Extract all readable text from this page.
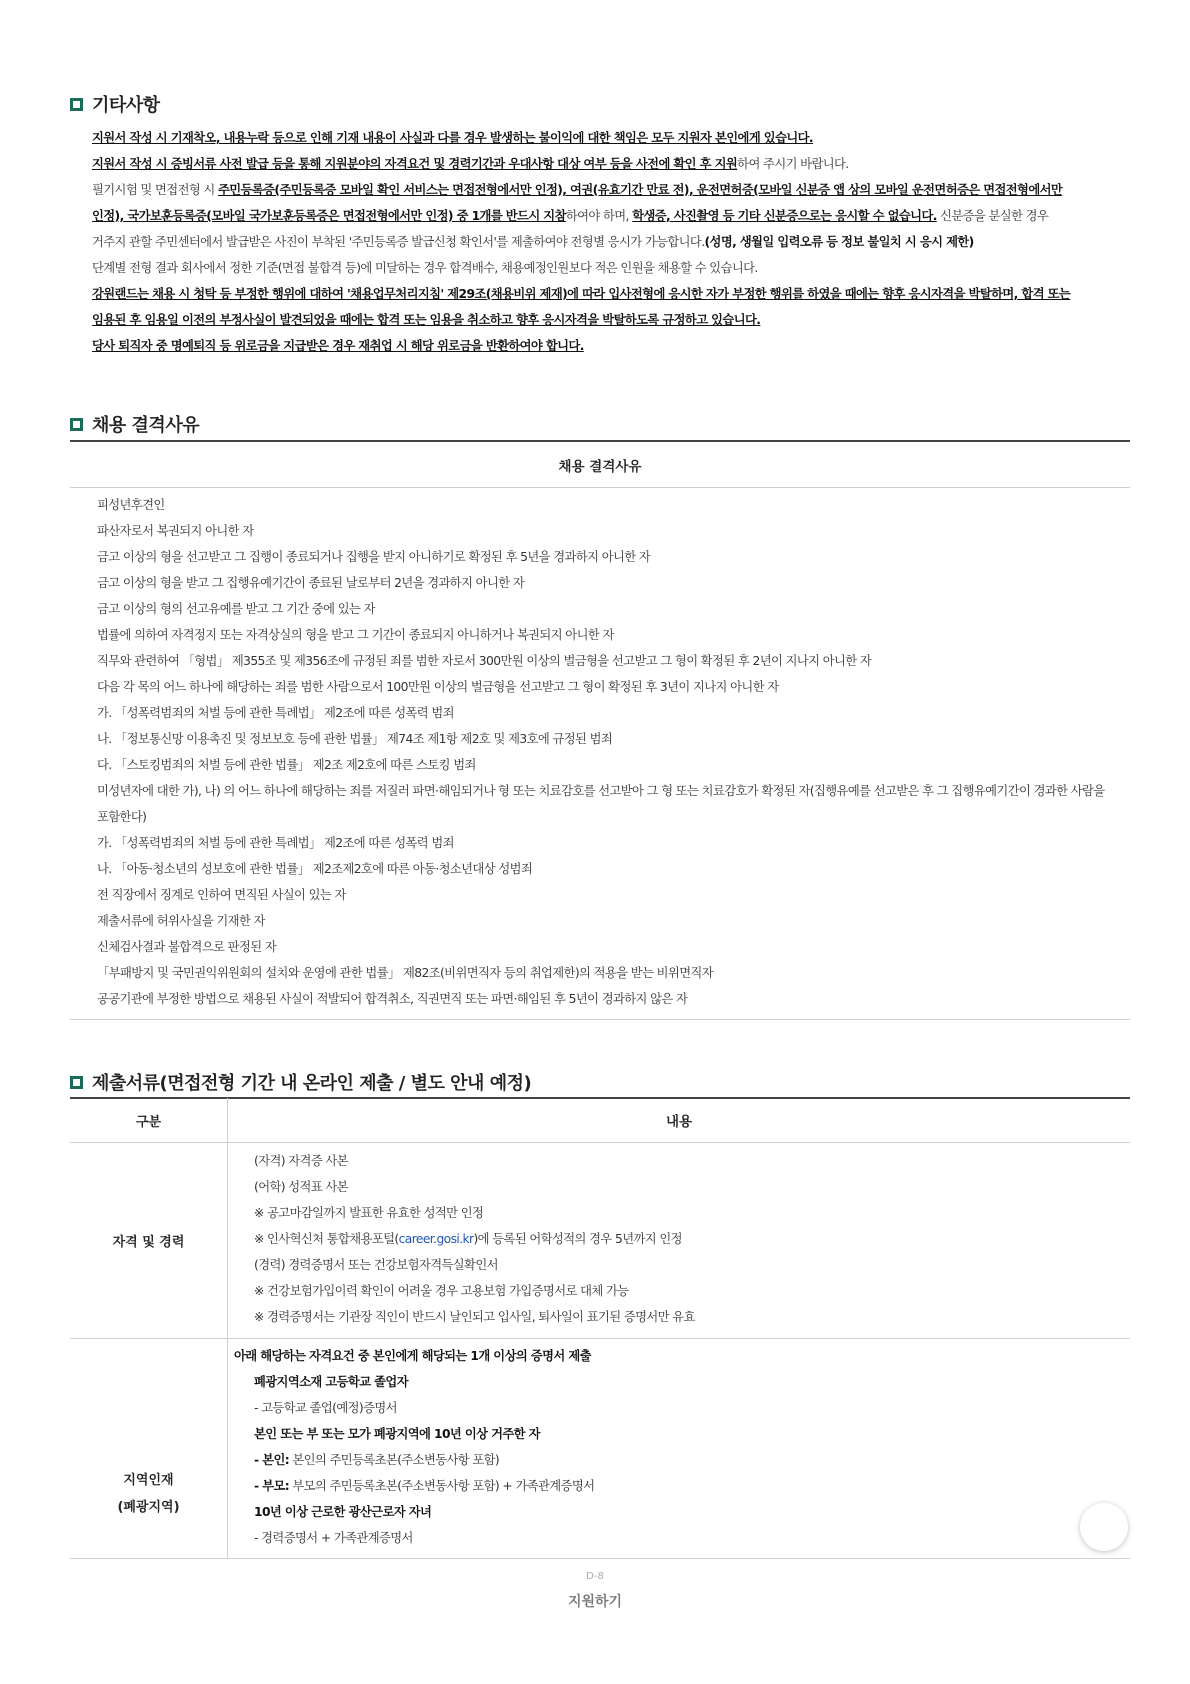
기타사항
지원서 작성 시 기재착오, 내용누락 등으로 인해 기재 내용이 사실과 다를 경우 발생하는 불이익에 대한 책임은 모두 지원자 본인에게 있습니다.
지원서 작성 시 증빙서류 사전 발급 등을 통해 지원분야의 자격요건 및 경력기간과 우대사항 대상 여부 등을 사전에 확인 후 지원하여 주시기 바랍니다.
필기시험 및 면접전형 시 주민등록증(주민등록증 모바일 확인 서비스는 면접전형에서만 인정), 여권(유효기간 만료 전), 운전면허증(모바일 신분증 앱 상의 모바일 운전면허증은 면접전형에서만
인정), 국가보훈등록증(모바일 국가보훈등록증은 면접전형에서만 인정) 중 1개를 반드시 지참하여야 하며, 학생증, 사진촬영 등 기타 신분증으로는 응시할 수 없습니다. 신분증을 분실한 경우
거주지 관할 주민센터에서 발급받은 사진이 부착된 '주민등록증 발급신청 확인서'를 제출하여야 전형별 응시가 가능합니다.(성명, 생월일 입력오류 등 정보 불일치 시 응시 제한)
단계별 전형 결과 회사에서 정한 기준(면접 불합격 등)에 미달하는 경우 합격배수, 채용예정인원보다 적은 인원을 채용할 수 있습니다.
강원랜드는 채용 시 청탁 등 부정한 행위에 대하여 '채용업무처리지침' 제29조(채용비위 제재)에 따라 입사전형에 응시한 자가 부정한 행위를 하였을 때에는 향후 응시자격을 박탈하며, 합격 또는
임용된 후 임용일 이전의 부정사실이 발견되었을 때에는 합격 또는 임용을 취소하고 향후 응시자격을 박탈하도록 규정하고 있습니다.
당사 퇴직자 중 명예퇴직 등 위로금을 지급받은 경우 재취업 시 해당 위로금을 반환하여야 합니다.
채용 결격사유
채용 결격사유
피성년후견인
파산자로서 복권되지 아니한 자
금고 이상의 형을 선고받고 그 집행이 종료되거나 집행을 받지 아니하기로 확정된 후 5년을 경과하지 아니한 자
금고 이상의 형을 받고 그 집행유예기간이 종료된 날로부터 2년을 경과하지 아니한 자
금고 이상의 형의 선고유예를 받고 그 기간 중에 있는 자
법률에 의하여 자격정지 또는 자격상실의 형을 받고 그 기간이 종료되지 아니하거나 복권되지 아니한 자
직무와 관련하여 「형법」 제355조 및 제356조에 규정된 죄를 범한 자로서 300만원 이상의 벌금형을 선고받고 그 형이 확정된 후 2년이 지나지 아니한 자
다음 각 목의 어느 하나에 해당하는 죄를 범한 사람으로서 100만원 이상의 벌금형을 선고받고 그 형이 확정된 후 3년이 지나지 아니한 자
가. 「성폭력범죄의 처벌 등에 관한 특례법」 제2조에 따른 성폭력 범죄
나. 「정보통신망 이용촉진 및 정보보호 등에 관한 법률」 제74조 제1항 제2호 및 제3호에 규정된 범죄
다. 「스토킹범죄의 처벌 등에 관한 법률」 제2조 제2호에 따른 스토킹 범죄
미성년자에 대한 가), 나) 의 어느 하나에 해당하는 죄를 저질러 파면·해임되거나 형 또는 치료감호를 선고받아 그 형 또는 치료감호가 확정된 자(집행유예를 선고받은 후 그 집행유예기간이 경과한 사람을 포함한다)
가. 「성폭력범죄의 처벌 등에 관한 특례법」 제2조에 따른 성폭력 범죄
나. 「아동·청소년의 성보호에 관한 법률」 제2조제2호에 따른 아동·청소년대상 성범죄
전 직장에서 징계로 인하여 면직된 사실이 있는 자
제출서류에 허위사실을 기재한 자
신체검사결과 불합격으로 판정된 자
「부패방지 및 국민권익위원회의 설치와 운영에 관한 법률」 제82조(비위면직자 등의 취업제한)의 적용을 받는 비위면직자
공공기관에 부정한 방법으로 채용된 사실이 적발되어 합격취소, 직권면직 또는 파면·해임된 후 5년이 경과하지 않은 자
제출서류(면접전형 기간 내 온라인 제출 / 별도 안내 예정)
구분	내용
자격 및 경력
(자격) 자격증 사본
(어학) 성적표 사본
※ 공고마감일까지 발표한 유효한 성적만 인정
※ 인사혁신처 통합채용포털(career.gosi.kr)에 등록된 어학성적의 경우 5년까지 인정
(경력) 경력증명서 또는 건강보험자격득실확인서
※ 건강보험가입이력 확인이 어려울 경우 고용보험 가입증명서로 대체 가능
※ 경력증명서는 기관장 직인이 반드시 날인되고 입사일, 퇴사일이 표기된 증명서만 유효
지역인재
(폐광지역)
아래 해당하는 자격요건 중 본인에게 해당되는 1개 이상의 증명서 제출
폐광지역소재 고등학교 졸업자
- 고등학교 졸업(예정)증명서
본인 또는 부 또는 모가 폐광지역에 10년 이상 거주한 자
- 본인: 본인의 주민등록초본(주소변동사항 포함)
- 부모: 부모의 주민등록초본(주소변동사항 포함) + 가족관계증명서
10년 이상 근로한 광산근로자 자녀
- 경력증명서 + 가족관계증명서
D-8
지원하기
